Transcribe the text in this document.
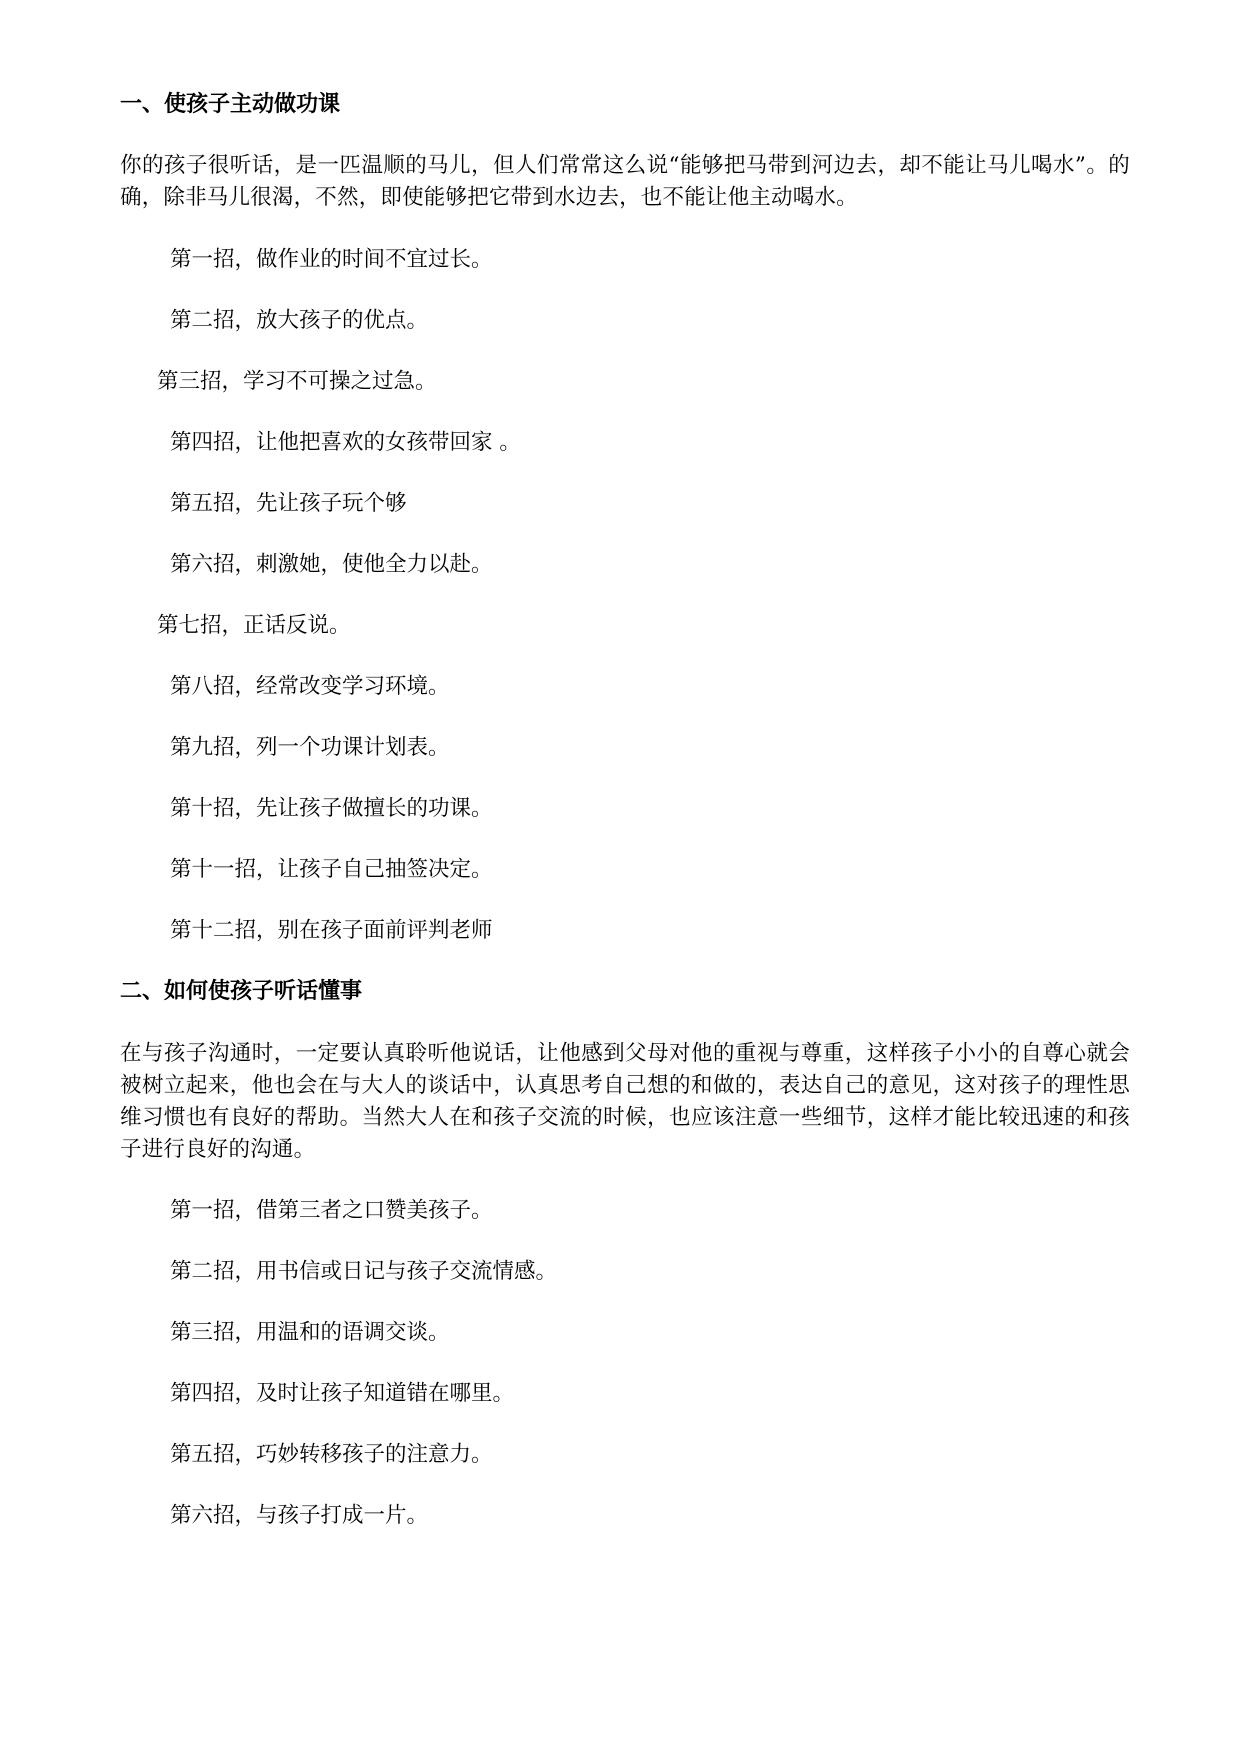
一、使孩子主动做功课
你的孩子很听话，是一匹温顺的马儿，但人们常常这么说“能够把马带到河边去，却不能让马儿喝水”。的确，除非马儿很渴，不然，即使能够把它带到水边去，也不能让他主动喝水。
第一招，做作业的时间不宜过长。
第二招，放大孩子的优点。
第三招，学习不可操之过急。
第四招，让他把喜欢的女孩带回家 。
第五招，先让孩子玩个够
第六招，刺激她，使他全力以赴。
第七招，正话反说。
第八招，经常改变学习环境。
第九招，列一个功课计划表。
第十招，先让孩子做擅长的功课。
第十一招，让孩子自己抽签决定。
第十二招，别在孩子面前评判老师
二、如何使孩子听话懂事
在与孩子沟通时，一定要认真聆听他说话，让他感到父母对他的重视与尊重，这样孩子小小的自尊心就会被树立起来，他也会在与大人的谈话中，认真思考自己想的和做的，表达自己的意见，这对孩子的理性思维习惯也有良好的帮助。当然大人在和孩子交流的时候，也应该注意一些细节，这样才能比较迅速的和孩子进行良好的沟通。
第一招，借第三者之口赞美孩子。
第二招，用书信或日记与孩子交流情感。
第三招，用温和的语调交谈。
第四招，及时让孩子知道错在哪里。
第五招，巧妙转移孩子的注意力。
第六招，与孩子打成一片。
